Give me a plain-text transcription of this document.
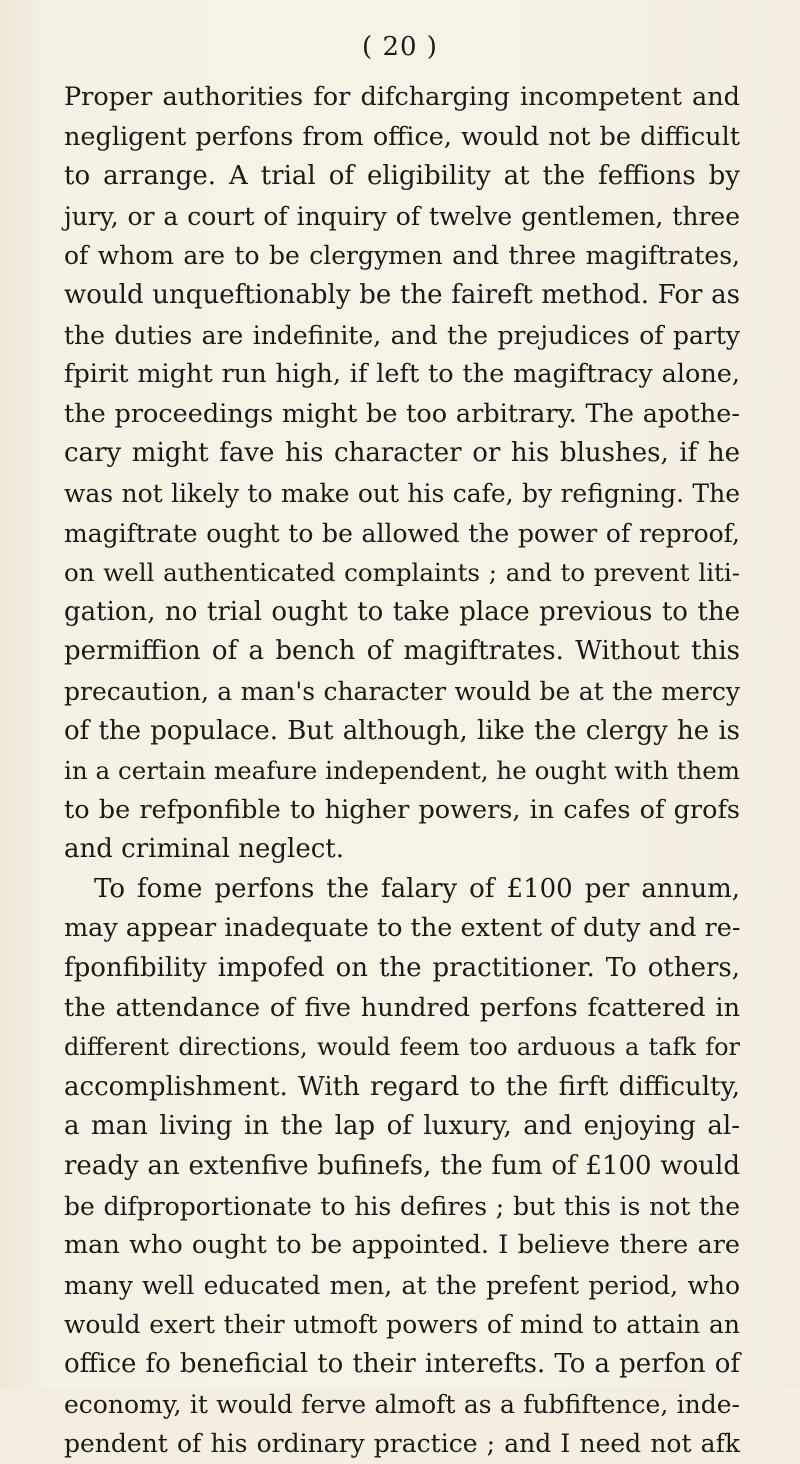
( 20 )
Proper authorities for difcharging incompetent and
negligent perfons from office, would not be difficult
to arrange. A trial of eligibility at the feffions by
jury, or a court of inquiry of twelve gentlemen, three
of whom are to be clergymen and three magiftrates,
would unqueftionably be the faireft method. For as
the duties are indefinite, and the prejudices of party
fpirit might run high, if left to the magiftracy alone,
the proceedings might be too arbitrary. The apothe-
cary might fave his character or his blushes, if he
was not likely to make out his cafe, by refigning. The
magiftrate ought to be allowed the power of reproof,
on well authenticated complaints ; and to prevent liti-
gation, no trial ought to take place previous to the
permiffion of a bench of magiftrates. Without this
precaution, a man's character would be at the mercy
of the populace. But although, like the clergy he is
in a certain meafure independent, he ought with them
to be refponfible to higher powers, in cafes of grofs
and criminal neglect.
To fome perfons the falary of £100 per annum,
may appear inadequate to the extent of duty and re-
fponfibility impofed on the practitioner. To others,
the attendance of five hundred perfons fcattered in
different directions, would feem too arduous a tafk for
accomplishment. With regard to the firft difficulty,
a man living in the lap of luxury, and enjoying al-
ready an extenfive bufinefs, the fum of £100 would
be difproportionate to his defires ; but this is not the
man who ought to be appointed. I believe there are
many well educated men, at the prefent period, who
would exert their utmoft powers of mind to attain an
office fo beneficial to their interefts. To a perfon of
economy, it would ferve almoft as a fubfiftence, inde-
pendent of his ordinary practice ; and I need not afk
